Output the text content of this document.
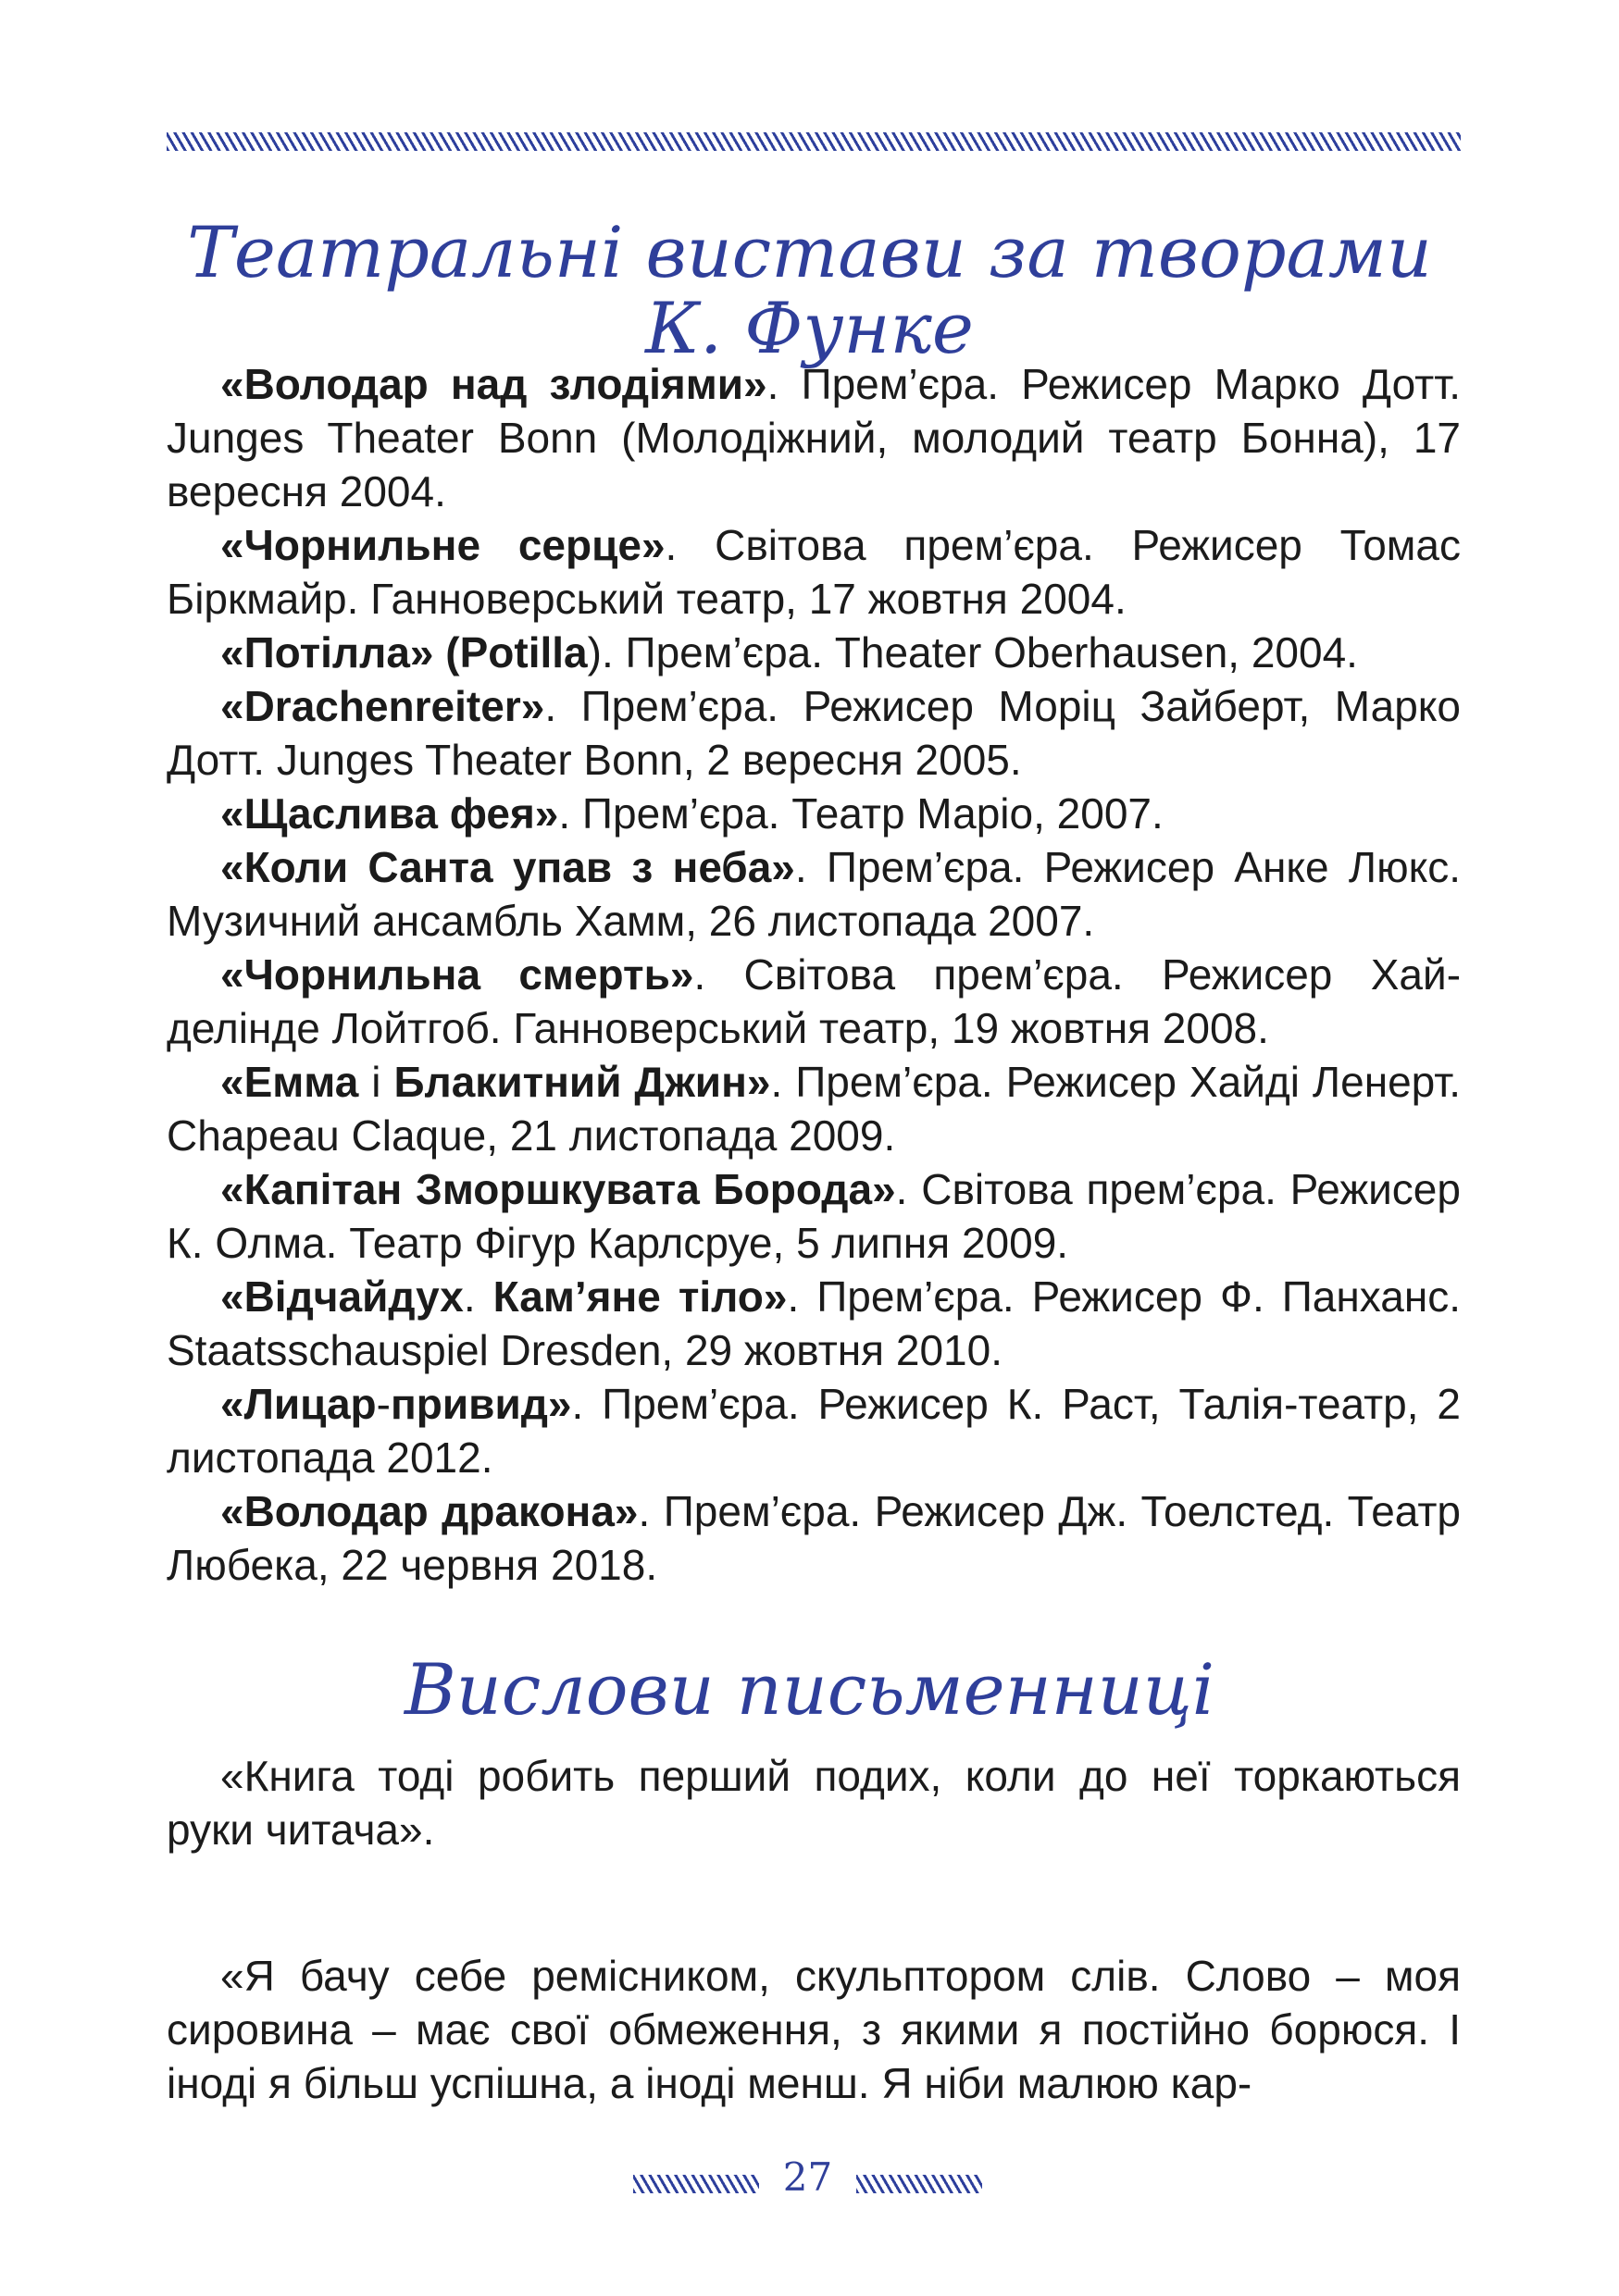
Театральні вистави за творами
К. Функе

«Володар над злодіями». Прем’єра. Режисер Марко Дотт. Junges Theater Bonn (Молодіжний, молодий театр Бонна), 17 вересня 2004.

«Чорнильне серце». Світова прем’єра. Режисер Томас Біркмайр. Ганноверський театр, 17 жовтня 2004.

«Потілла» (Potilla). Прем’єра. Theater Oberhausen, 2004.

«Drachenreiter». Прем’єра. Режисер Моріц Зайберт, Марко Дотт. Junges Theater Bonn, 2 вересня 2005.

«Щаслива фея». Прем’єра. Театр Маріо, 2007.

«Коли Санта упав з неба». Прем’єра. Режисер Анке Люкс. Музичний ансамбль Хамм, 26 листопада 2007.

«Чорнильна смерть». Світова прем’єра. Режисер Хайделінде Лойтгоб. Ганноверський театр, 19 жовтня 2008.

«Емма і Блакитний Джин». Прем’єра. Режисер Хайді Ленерт. Chapeau Claque, 21 листопада 2009.

«Капітан Зморшкувата Борода». Світова прем’єра. Режисер К. Олма. Театр Фігур Карлсруе, 5 липня 2009.

«Відчайдух. Кам’яне тіло». Прем’єра. Режисер Ф. Панханс. Staatsschauspiel Dresden, 29 жовтня 2010.

«Лицар-привид». Прем’єра. Режисер К. Раст, Талія-театр, 2 листопада 2012.

«Володар дракона». Прем’єра. Режисер Дж. Тоелстед. Театр Любека, 22 червня 2018.

Вислови письменниці

«Книга тоді робить перший подих, коли до неї торкаються руки читача».

«Я бачу себе ремісником, скульптором слів. Слово – моя сировина – має свої обмеження, з якими я постійно борюся. І іноді я більш успішна, а іноді менш. Я ніби малюю кар-

27
